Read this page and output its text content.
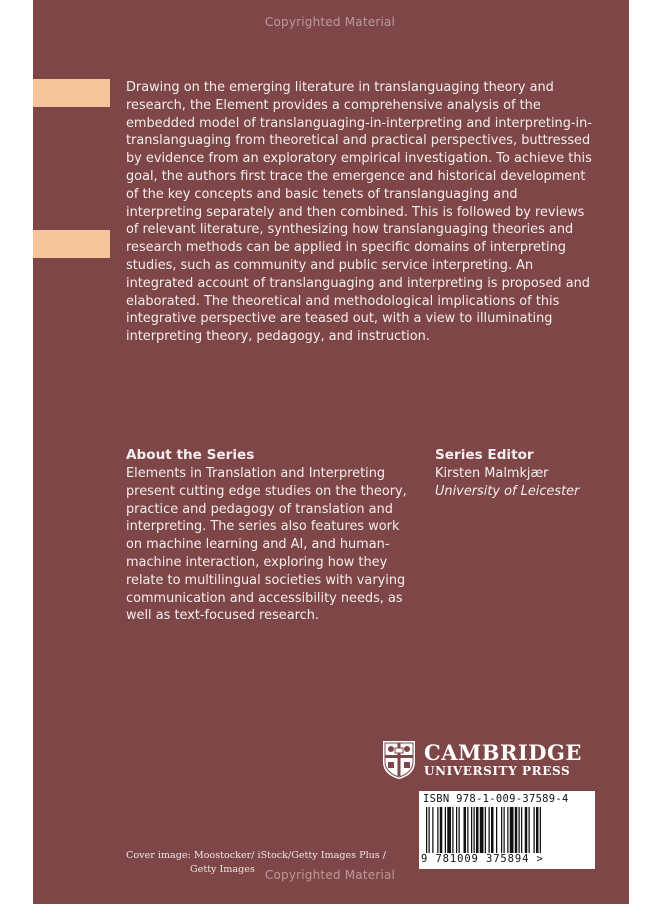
Copyrighted Material

Drawing on the emerging literature in translanguaging theory and research, the Element provides a comprehensive analysis of the embedded model of translanguaging-in-interpreting and interpreting-in-translanguaging from theoretical and practical perspectives, buttressed by evidence from an exploratory empirical investigation. To achieve this goal, the authors first trace the emergence and historical development of the key concepts and basic tenets of translanguaging and interpreting separately and then combined. This is followed by reviews of relevant literature, synthesizing how translanguaging theories and research methods can be applied in specific domains of interpreting studies, such as community and public service interpreting. An integrated account of translanguaging and interpreting is proposed and elaborated. The theoretical and methodological implications of this integrative perspective are teased out, with a view to illuminating interpreting theory, pedagogy, and instruction.

About the Series

Elements in Translation and Interpreting present cutting edge studies on the theory, practice and pedagogy of translation and interpreting. The series also features work on machine learning and AI, and human-machine interaction, exploring how they relate to multilingual societies with varying communication and accessibility needs, as well as text-focused research.

Series Editor
Kirsten Malmkjær
University of Leicester
CAMBRIDGE
UNIVERSITY PRESS
ISBN 978-1-009-37589-4
9 781009 375894 >
Cover image: Moostocker/ iStock/Getty Images Plus /
Getty Images Copyrighted Material
